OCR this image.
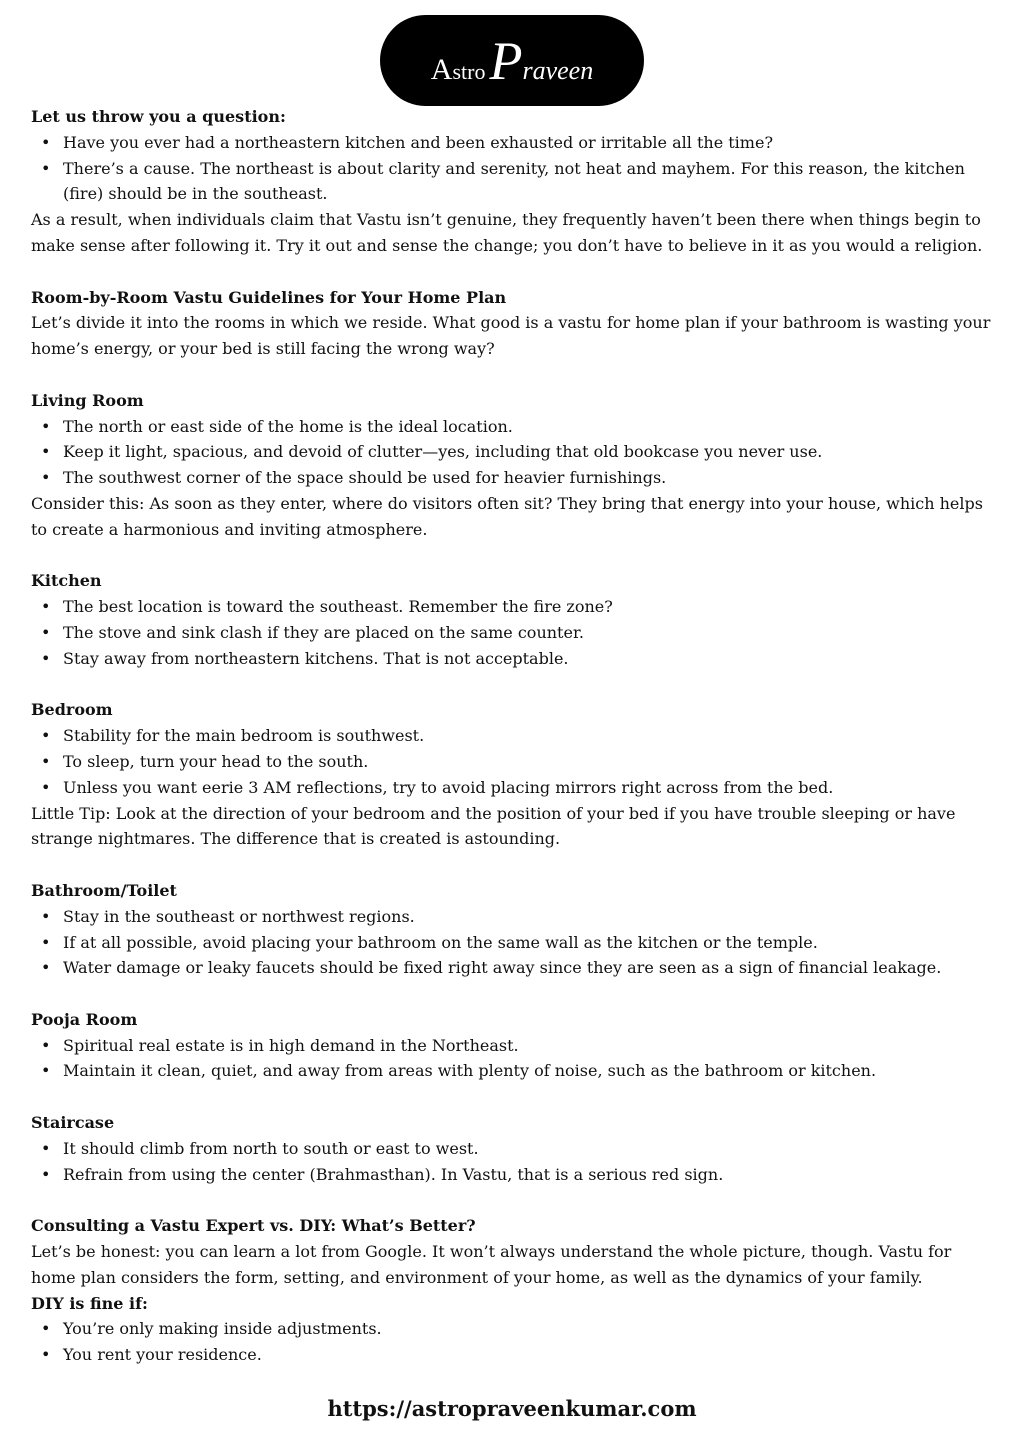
A stro P raveen

Let us throw you a question:

• Have you ever had a northeastern kitchen and been exhausted or irritable all the time?
• There’s a cause. The northeast is about clarity and serenity, not heat and mayhem. For this reason, the kitchen (fire) should be in the southeast.

As a result, when individuals claim that Vastu isn’t genuine, they frequently haven’t been there when things begin to make sense after following it. Try it out and sense the change; you don’t have to believe in it as you would a religion.

Room-by-Room Vastu Guidelines for Your Home Plan

Let’s divide it into the rooms in which we reside. What good is a vastu for home plan if your bathroom is wasting your home’s energy, or your bed is still facing the wrong way?

Living Room

• The north or east side of the home is the ideal location.
• Keep it light, spacious, and devoid of clutter—yes, including that old bookcase you never use.
• The southwest corner of the space should be used for heavier furnishings.

Consider this: As soon as they enter, where do visitors often sit? They bring that energy into your house, which helps to create a harmonious and inviting atmosphere.

Kitchen

• The best location is toward the southeast. Remember the fire zone?
• The stove and sink clash if they are placed on the same counter.
• Stay away from northeastern kitchens. That is not acceptable.

Bedroom

• Stability for the main bedroom is southwest.
• To sleep, turn your head to the south.
• Unless you want eerie 3 AM reflections, try to avoid placing mirrors right across from the bed.

Little Tip: Look at the direction of your bedroom and the position of your bed if you have trouble sleeping or have strange nightmares. The difference that is created is astounding.

Bathroom/Toilet

• Stay in the southeast or northwest regions.
• If at all possible, avoid placing your bathroom on the same wall as the kitchen or the temple.
• Water damage or leaky faucets should be fixed right away since they are seen as a sign of financial leakage.

Pooja Room

• Spiritual real estate is in high demand in the Northeast.
• Maintain it clean, quiet, and away from areas with plenty of noise, such as the bathroom or kitchen.

Staircase

• It should climb from north to south or east to west.
• Refrain from using the center (Brahmasthan). In Vastu, that is a serious red sign.

Consulting a Vastu Expert vs. DIY: What’s Better?

Let’s be honest: you can learn a lot from Google. It won’t always understand the whole picture, though. Vastu for home plan considers the form, setting, and environment of your home, as well as the dynamics of your family.

DIY is fine if:

• You’re only making inside adjustments.
• You rent your residence.
https://astropraveenkumar.com
